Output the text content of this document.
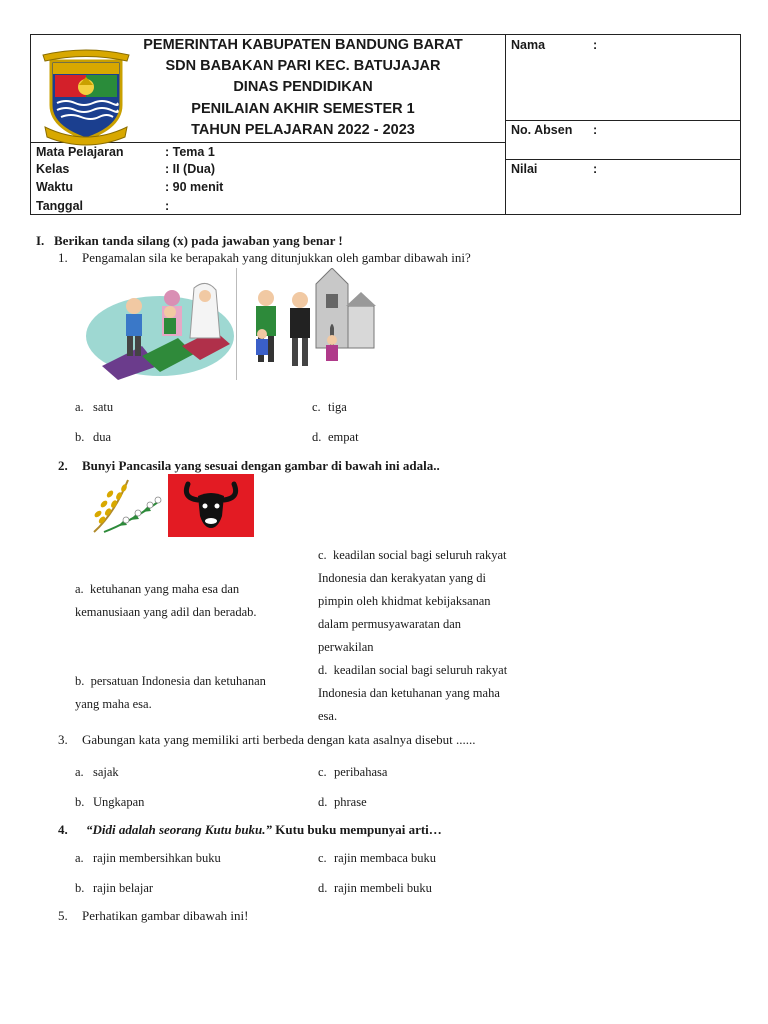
PEMERINTAH KABUPATEN BANDUNG BARAT
SDN BABAKAN PARI KEC. BATUJAJAR
DINAS PENDIDIKAN
PENILAIAN AKHIR SEMESTER 1
TAHUN PELAJARAN 2022 - 2023
Mata Pelajaran	: Tema 1
Kelas	: II (Dua)
Waktu	: 90 menit
Tanggal	:
Nama	:
No. Absen :
Nilai	:
I. Berikan tanda silang (x) pada jawaban yang benar !
1. Pengamalan sila ke berapakah yang ditunjukkan oleh gambar dibawah ini?
a. satu
b. dua
c. tiga
d. empat
2. Bunyi Pancasila yang sesuai dengan gambar di bawah ini adala..
a. ketuhanan yang maha esa dan
kemanusiaan yang adil dan beradab.
b. persatuan Indonesia dan ketuhanan
yang maha esa.
c. keadilan social bagi seluruh rakyat
Indonesia dan kerakyatan yang di
pimpin oleh khidmat kebijaksanan
dalam permusyawaratan dan
perwakilan
d. keadilan social bagi seluruh rakyat
Indonesia dan ketuhanan yang maha
esa.
3. Gabungan kata yang memiliki arti berbeda dengan kata asalnya disebut ......
a. sajak
b. Ungkapan
c. peribahasa
d. phrase
4. “Didi adalah seorang Kutu buku.” Kutu buku mempunyai arti…
a. rajin membersihkan buku
b. rajin belajar
c. rajin membaca buku
d. rajin membeli buku
5. Perhatikan gambar dibawah ini!
